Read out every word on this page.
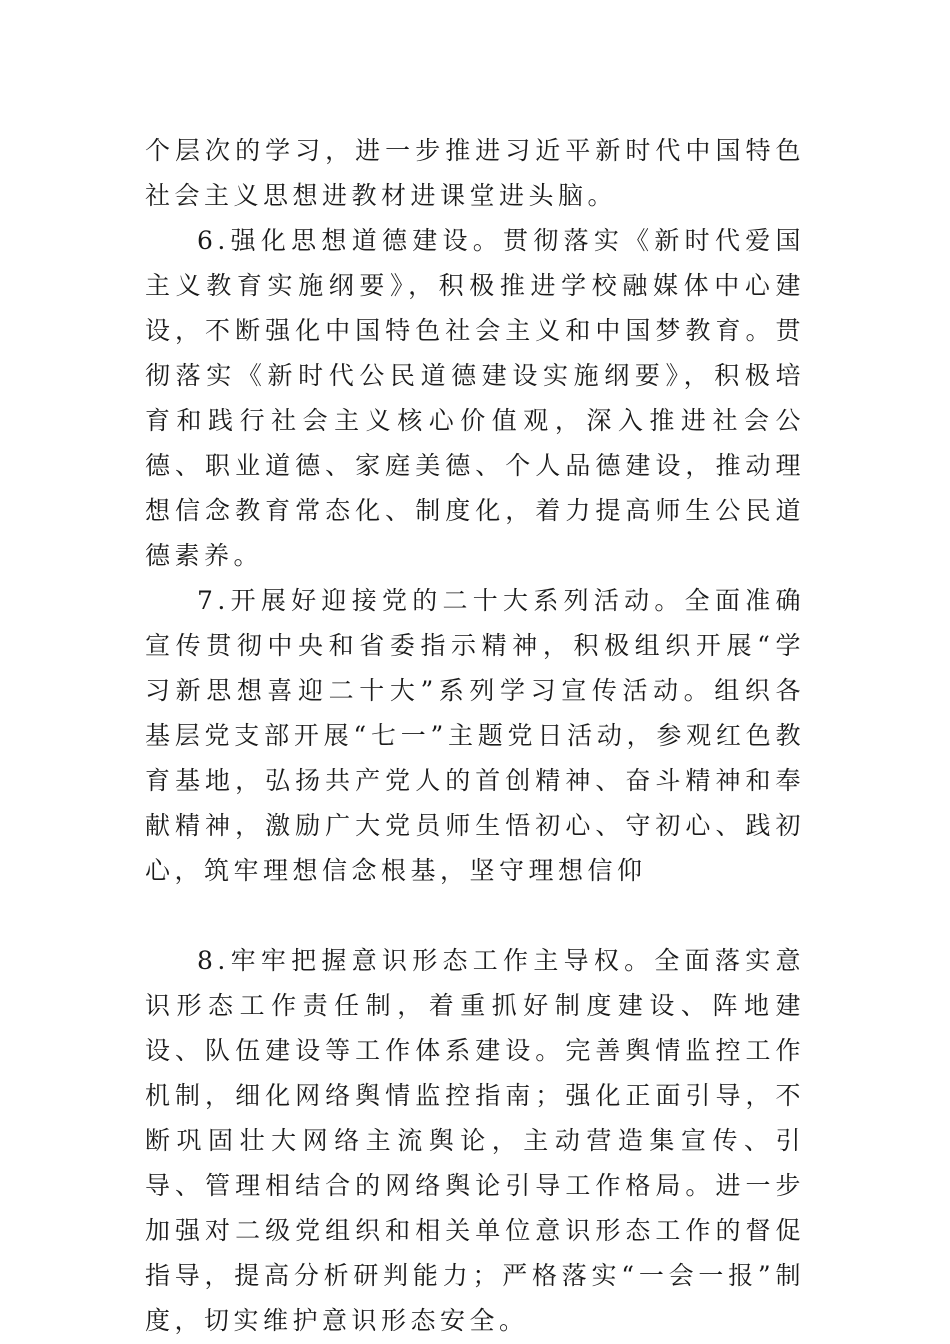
个层次的学习，进一步推进习近平新时代中国特色社会主义思想进教材进课堂进头脑。

6.强化思想道德建设。贯彻落实《新时代爱国主义教育实施纲要》，积极推进学校融媒体中心建设，不断强化中国特色社会主义和中国梦教育。贯彻落实《新时代公民道德建设实施纲要》，积极培育和践行社会主义核心价值观，深入推进社会公德、职业道德、家庭美德、个人品德建设，推动理想信念教育常态化、制度化，着力提高师生公民道德素养。

7.开展好迎接党的二十大系列活动。全面准确宣传贯彻中央和省委指示精神，积极组织开展“学习新思想喜迎二十大”系列学习宣传活动。组织各基层党支部开展“七一”主题党日活动，参观红色教育基地，弘扬共产党人的首创精神、奋斗精神和奉献精神，激励广大党员师生悟初心、守初心、践初心，筑牢理想信念根基，坚守理想信仰

8.牢牢把握意识形态工作主导权。全面落实意识形态工作责任制，着重抓好制度建设、阵地建设、队伍建设等工作体系建设。完善舆情监控工作机制，细化网络舆情监控指南；强化正面引导，不断巩固壮大网络主流舆论，主动营造集宣传、引导、管理相结合的网络舆论引导工作格局。进一步加强对二级党组织和相关单位意识形态工作的督促指导，提高分析研判能力；严格落实“一会一报”制度，切实维护意识形态安全。
